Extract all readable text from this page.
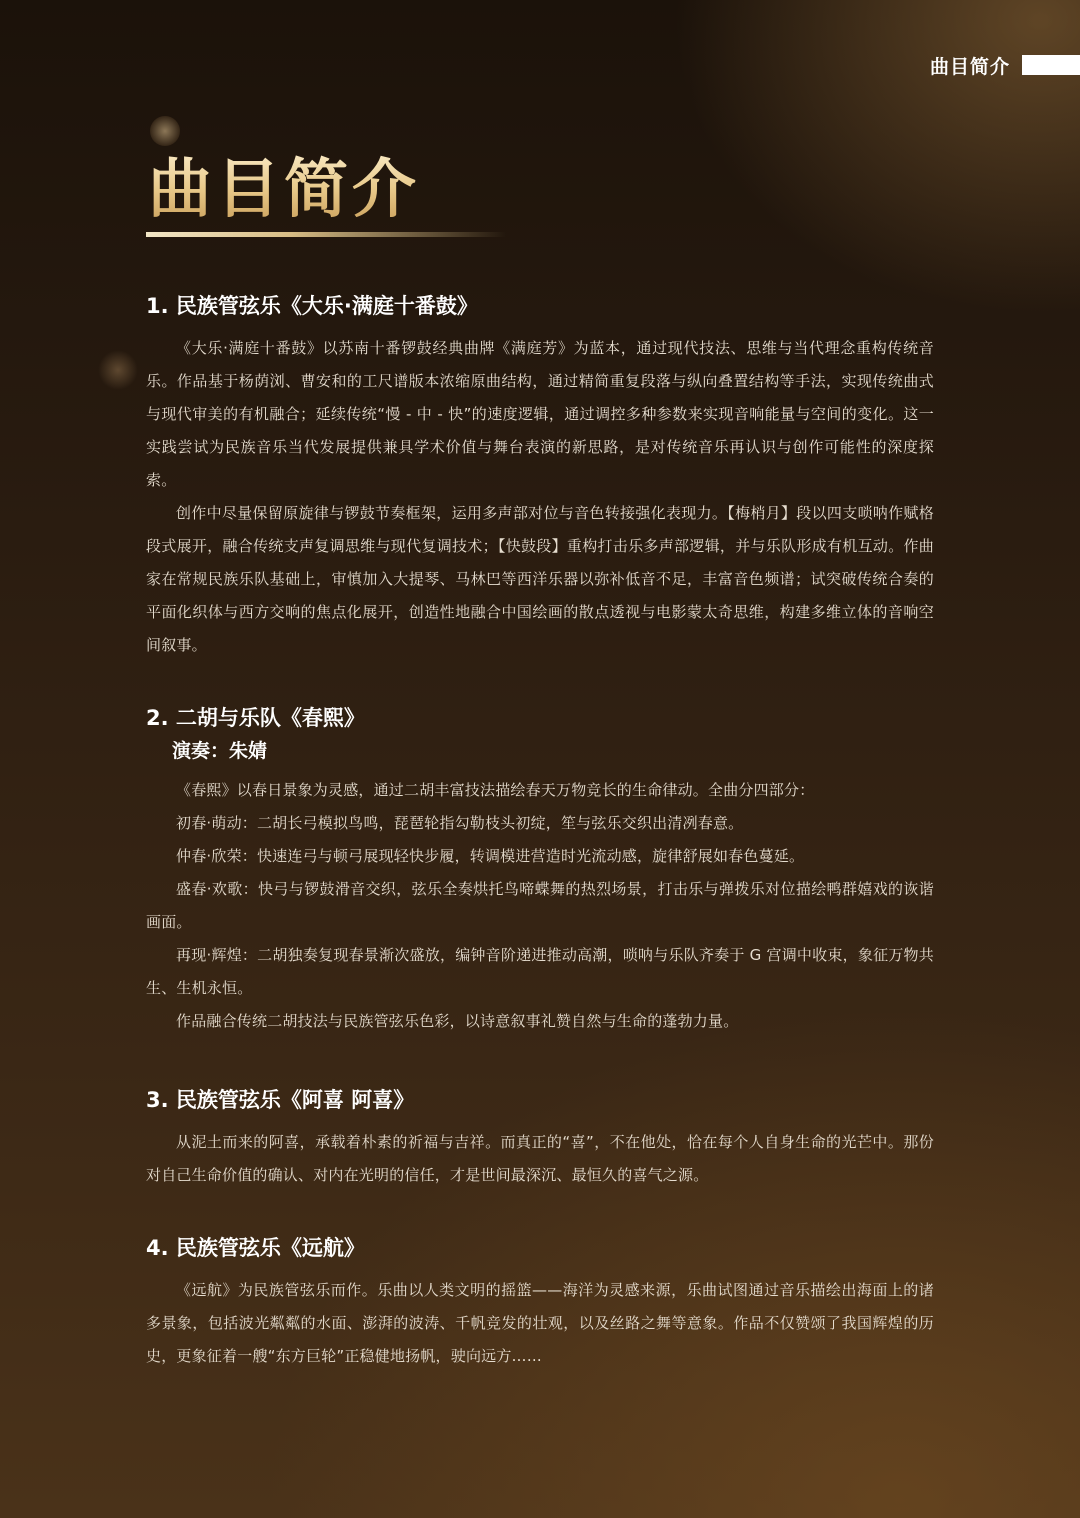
曲目简介
曲目简介
1. 民族管弦乐《大乐·满庭十番鼓》

《大乐·满庭十番鼓》以苏南十番锣鼓经典曲牌《满庭芳》为蓝本，通过现代技法、思维与当代理念重构传统音乐。作品基于杨荫浏、曹安和的工尺谱版本浓缩原曲结构，通过精简重复段落与纵向叠置结构等手法，实现传统曲式与现代审美的有机融合；延续传统“慢 - 中 - 快”的速度逻辑，通过调控多种参数来实现音响能量与空间的变化。这一实践尝试为民族音乐当代发展提供兼具学术价值与舞台表演的新思路，是对传统音乐再认识与创作可能性的深度探索。

创作中尽量保留原旋律与锣鼓节奏框架，运用多声部对位与音色转接强化表现力。【梅梢月】段以四支唢呐作赋格段式展开，融合传统支声复调思维与现代复调技术；【快鼓段】重构打击乐多声部逻辑，并与乐队形成有机互动。作曲家在常规民族乐队基础上，审慎加入大提琴、马林巴等西洋乐器以弥补低音不足，丰富音色频谱；试突破传统合奏的平面化织体与西方交响的焦点化展开，创造性地融合中国绘画的散点透视与电影蒙太奇思维，构建多维立体的音响空间叙事。

2. 二胡与乐队《春熙》
演奏：朱婧

《春熙》以春日景象为灵感，通过二胡丰富技法描绘春天万物竞长的生命律动。全曲分四部分：

初春·萌动：二胡长弓模拟鸟鸣，琵琶轮指勾勒枝头初绽，笙与弦乐交织出清冽春意。

仲春·欣荣：快速连弓与顿弓展现轻快步履，转调模进营造时光流动感，旋律舒展如春色蔓延。

盛春·欢歌：快弓与锣鼓滑音交织，弦乐全奏烘托鸟啼蝶舞的热烈场景，打击乐与弹拨乐对位描绘鸭群嬉戏的诙谐画面。

再现·辉煌：二胡独奏复现春景渐次盛放，编钟音阶递进推动高潮，唢呐与乐队齐奏于 G 宫调中收束，象征万物共生、生机永恒。

作品融合传统二胡技法与民族管弦乐色彩，以诗意叙事礼赞自然与生命的蓬勃力量。

3. 民族管弦乐《阿喜 阿喜》

从泥土而来的阿喜，承载着朴素的祈福与吉祥。而真正的“喜”，不在他处，恰在每个人自身生命的光芒中。那份对自己生命价值的确认、对内在光明的信任，才是世间最深沉、最恒久的喜气之源。

4. 民族管弦乐《远航》

《远航》为民族管弦乐而作。乐曲以人类文明的摇篮——海洋为灵感来源，乐曲试图通过音乐描绘出海面上的诸多景象，包括波光粼粼的水面、澎湃的波涛、千帆竞发的壮观，以及丝路之舞等意象。作品不仅赞颂了我国辉煌的历史，更象征着一艘“东方巨轮”正稳健地扬帆，驶向远方……
